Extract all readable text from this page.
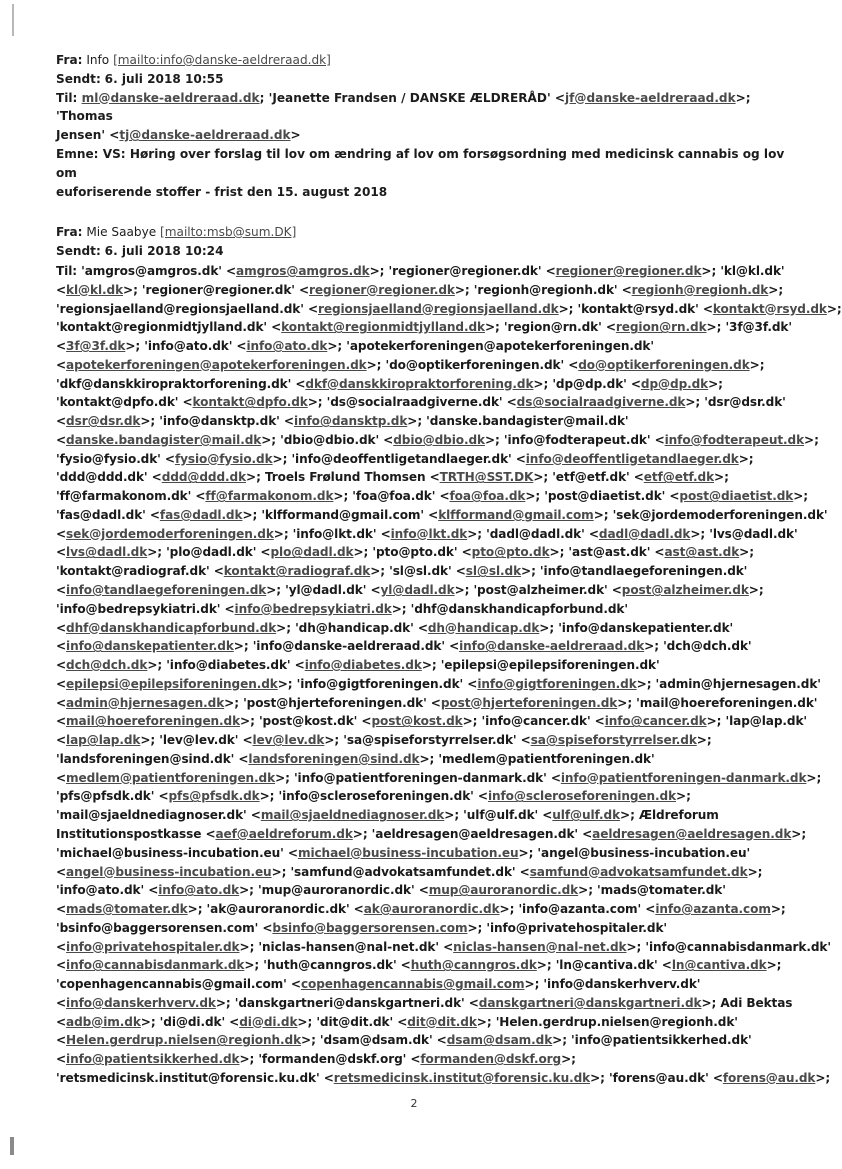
Fra: Info [mailto:info@danske-aeldreraad.dk]
Sendt: 6. juli 2018 10:55
Til: ml@danske-aeldreraad.dk; 'Jeanette Frandsen / DANSKE ÆLDRERÅD' <jf@danske-aeldreraad.dk>; 'Thomas
Jensen' <tj@danske-aeldreraad.dk>
Emne: VS: Høring over forslag til lov om ændring af lov om forsøgsordning med medicinsk cannabis og lov om
euforiserende stoffer - frist den 15. august 2018
Fra: Mie Saabye [mailto:msb@sum.DK]
Sendt: 6. juli 2018 10:24
Til: 'amgros@amgros.dk' <amgros@amgros.dk>; 'regioner@regioner.dk' <regioner@regioner.dk>; 'kl@kl.dk'
<kl@kl.dk>; 'regioner@regioner.dk' <regioner@regioner.dk>; 'regionh@regionh.dk' <regionh@regionh.dk>;
'regionsjaelland@regionsjaelland.dk' <regionsjaelland@regionsjaelland.dk>; 'kontakt@rsyd.dk' <kontakt@rsyd.dk>;
'kontakt@regionmidtjylland.dk' <kontakt@regionmidtjylland.dk>; 'region@rn.dk' <region@rn.dk>; '3f@3f.dk'
<3f@3f.dk>; 'info@ato.dk' <info@ato.dk>; 'apotekerforeningen@apotekerforeningen.dk'
<apotekerforeningen@apotekerforeningen.dk>; 'do@optikerforeningen.dk' <do@optikerforeningen.dk>;
'dkf@danskkiropraktorforening.dk' <dkf@danskkiropraktorforening.dk>; 'dp@dp.dk' <dp@dp.dk>;
'kontakt@dpfo.dk' <kontakt@dpfo.dk>; 'ds@socialraadgiverne.dk' <ds@socialraadgiverne.dk>; 'dsr@dsr.dk'
<dsr@dsr.dk>; 'info@dansktp.dk' <info@dansktp.dk>; 'danske.bandagister@mail.dk'
<danske.bandagister@mail.dk>; 'dbio@dbio.dk' <dbio@dbio.dk>; 'info@fodterapeut.dk' <info@fodterapeut.dk>;
'fysio@fysio.dk' <fysio@fysio.dk>; 'info@deoffentligetandlaeger.dk' <info@deoffentligetandlaeger.dk>;
'ddd@ddd.dk' <ddd@ddd.dk>; Troels Frølund Thomsen <TRTH@SST.DK>; 'etf@etf.dk' <etf@etf.dk>;
'ff@farmakonom.dk' <ff@farmakonom.dk>; 'foa@foa.dk' <foa@foa.dk>; 'post@diaetist.dk' <post@diaetist.dk>;
'fas@dadl.dk' <fas@dadl.dk>; 'klfformand@gmail.com' <klfformand@gmail.com>; 'sek@jordemoderforeningen.dk'
<sek@jordemoderforeningen.dk>; 'info@lkt.dk' <info@lkt.dk>; 'dadl@dadl.dk' <dadl@dadl.dk>; 'lvs@dadl.dk'
<lvs@dadl.dk>; 'plo@dadl.dk' <plo@dadl.dk>; 'pto@pto.dk' <pto@pto.dk>; 'ast@ast.dk' <ast@ast.dk>;
'kontakt@radiograf.dk' <kontakt@radiograf.dk>; 'sl@sl.dk' <sl@sl.dk>; 'info@tandlaegeforeningen.dk'
<info@tandlaegeforeningen.dk>; 'yl@dadl.dk' <yl@dadl.dk>; 'post@alzheimer.dk' <post@alzheimer.dk>;
'info@bedrepsykiatri.dk' <info@bedrepsykiatri.dk>; 'dhf@danskhandicapforbund.dk'
<dhf@danskhandicapforbund.dk>; 'dh@handicap.dk' <dh@handicap.dk>; 'info@danskepatienter.dk'
<info@danskepatienter.dk>; 'info@danske-aeldreraad.dk' <info@danske-aeldreraad.dk>; 'dch@dch.dk'
<dch@dch.dk>; 'info@diabetes.dk' <info@diabetes.dk>; 'epilepsi@epilepsiforeningen.dk'
<epilepsi@epilepsiforeningen.dk>; 'info@gigtforeningen.dk' <info@gigtforeningen.dk>; 'admin@hjernesagen.dk'
<admin@hjernesagen.dk>; 'post@hjerteforeningen.dk' <post@hjerteforeningen.dk>; 'mail@hoereforeningen.dk'
<mail@hoereforeningen.dk>; 'post@kost.dk' <post@kost.dk>; 'info@cancer.dk' <info@cancer.dk>; 'lap@lap.dk'
<lap@lap.dk>; 'lev@lev.dk' <lev@lev.dk>; 'sa@spiseforstyrrelser.dk' <sa@spiseforstyrrelser.dk>;
'landsforeningen@sind.dk' <landsforeningen@sind.dk>; 'medlem@patientforeningen.dk'
<medlem@patientforeningen.dk>; 'info@patientforeningen-danmark.dk' <info@patientforeningen-danmark.dk>;
'pfs@pfsdk.dk' <pfs@pfsdk.dk>; 'info@scleroseforeningen.dk' <info@scleroseforeningen.dk>;
'mail@sjaeldnediagnoser.dk' <mail@sjaeldnediagnoser.dk>; 'ulf@ulf.dk' <ulf@ulf.dk>; Ældreforum
Institutionspostkasse <aef@aeldreforum.dk>; 'aeldresagen@aeldresagen.dk' <aeldresagen@aeldresagen.dk>;
'michael@business-incubation.eu' <michael@business-incubation.eu>; 'angel@business-incubation.eu'
<angel@business-incubation.eu>; 'samfund@advokatsamfundet.dk' <samfund@advokatsamfundet.dk>;
'info@ato.dk' <info@ato.dk>; 'mup@auroranordic.dk' <mup@auroranordic.dk>; 'mads@tomater.dk'
<mads@tomater.dk>; 'ak@auroranordic.dk' <ak@auroranordic.dk>; 'info@azanta.com' <info@azanta.com>;
'bsinfo@baggersorensen.com' <bsinfo@baggersorensen.com>; 'info@privatehospitaler.dk'
<info@privatehospitaler.dk>; 'niclas-hansen@nal-net.dk' <niclas-hansen@nal-net.dk>; 'info@cannabisdanmark.dk'
<info@cannabisdanmark.dk>; 'huth@canngros.dk' <huth@canngros.dk>; 'ln@cantiva.dk' <ln@cantiva.dk>;
'copenhagencannabis@gmail.com' <copenhagencannabis@gmail.com>; 'info@danskerhverv.dk'
<info@danskerhverv.dk>; 'danskgartneri@danskgartneri.dk' <danskgartneri@danskgartneri.dk>; Adi Bektas
<adb@im.dk>; 'di@di.dk' <di@di.dk>; 'dit@dit.dk' <dit@dit.dk>; 'Helen.gerdrup.nielsen@regionh.dk'
<Helen.gerdrup.nielsen@regionh.dk>; 'dsam@dsam.dk' <dsam@dsam.dk>; 'info@patientsikkerhed.dk'
<info@patientsikkerhed.dk>; 'formanden@dskf.org' <formanden@dskf.org>;
'retsmedicinsk.institut@forensic.ku.dk' <retsmedicinsk.institut@forensic.ku.dk>; 'forens@au.dk' <forens@au.dk>;
2
